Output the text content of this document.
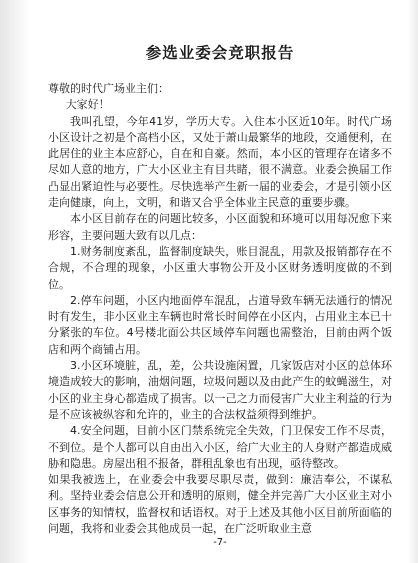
参选业委会竞职报告

尊敬的时代广场业主们：

大家好！

我叫孔望，今年41岁，学历大专。入住本小区近10年。时代广场小区设计之初是个高档小区，又处于萧山最繁华的地段，交通便利，在此居住的业主本应舒心，自在和自豪。然而，本小区的管理存在诸多不尽如人意的地方，广大小区业主有目共睹，很不满意。业委会换届工作凸显出紧迫性与必要性。尽快选举产生新一届的业委会，才是引领小区走向健康，向上，文明，和谐又合乎全体业主民意的重要步骤。

本小区目前存在的问题比较多，小区面貌和环境可以用每况愈下来形容，主要问题大致有以几点：

1.财务制度紊乱，监督制度缺失，账目混乱，用款及报销都存在不合规，不合理的现象，小区重大事物公开及小区财务透明度做的不到位。

2.停车问题，小区内地面停车混乱，占道导致车辆无法通行的情况时有发生，非小区业主车辆也时常长时间停在小区内，占用业主本已十分紧张的车位。4号楼北面公共区域停车问题也需整治，目前由两个饭店和两个商铺占用。

3.小区环境脏，乱，差，公共设施闲置，几家饭店对小区的总体环境造成较大的影响，油烟问题，垃圾问题以及由此产生的蚊蝇滋生，对小区的业主身心都造成了损害。以一己之力而侵害广大业主利益的行为是不应该被纵容和允许的，业主的合法权益须得到维护。

4.安全问题，目前小区门禁系统完全失效，门卫保安工作不尽责，不到位。是个人都可以自由出入小区，给广大业主的人身财产都造成威胁和隐患。房屋出租不报备，群租乱象也有出现，亟待整改。

如果我被选上，在业委会中我要尽职尽责，做到：廉洁奉公，不谋私利。坚持业委会信息公开和透明的原则，健全并完善广大小区业主对小区事务的知情权，监督权和话语权。对于上述及其他小区目前所面临的问题，我将和业委会其他成员一起，在广泛听取业主意

-7-
